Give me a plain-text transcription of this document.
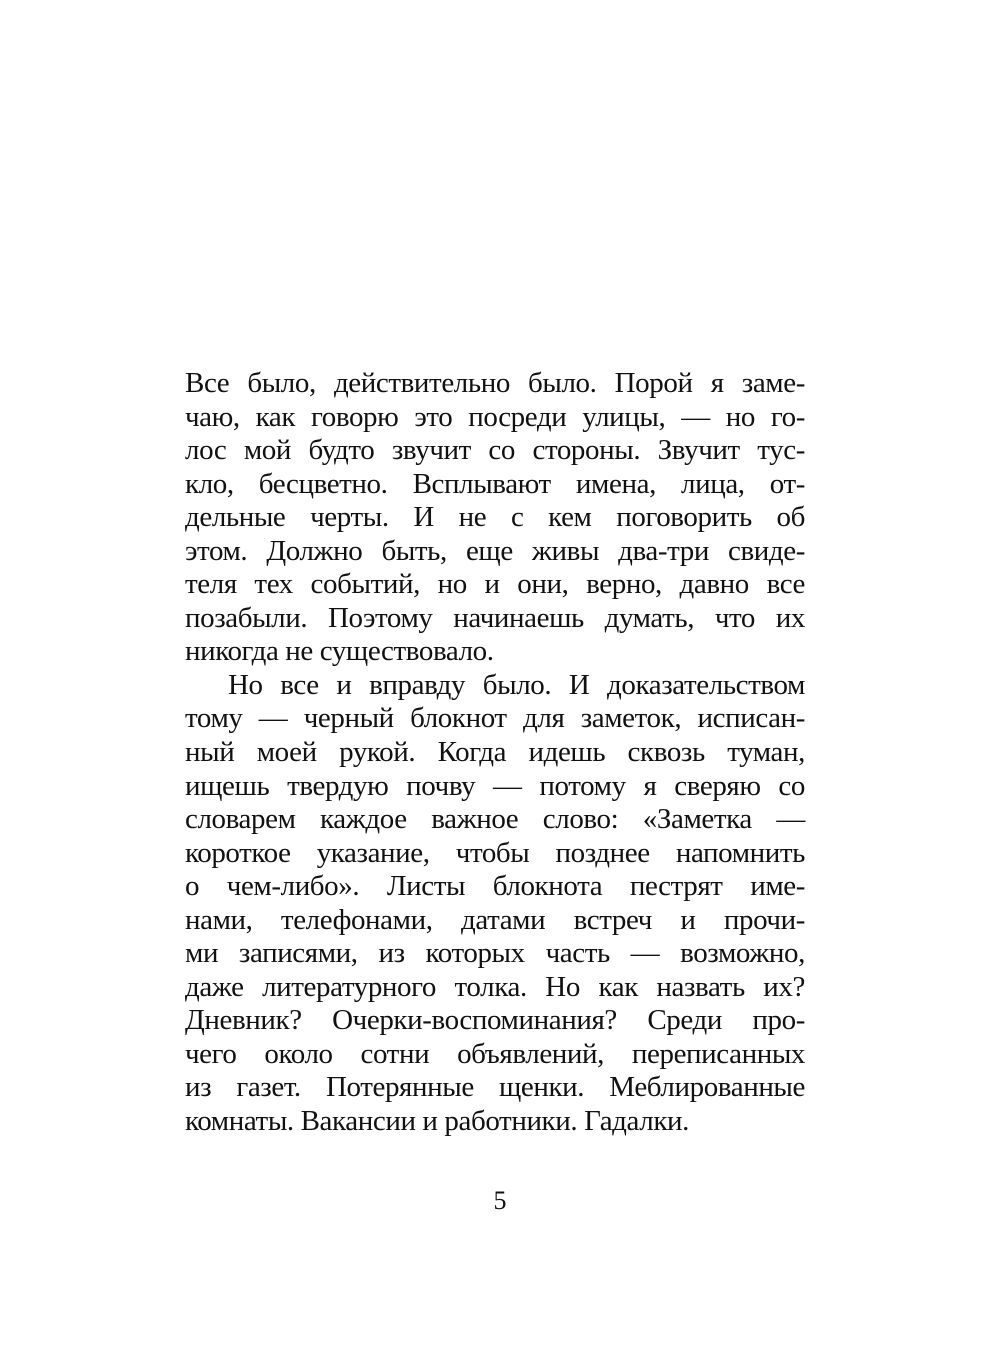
Все было, действительно было. Порой я заме-
чаю, как говорю это посреди улицы, — но го-
лос мой будто звучит со стороны. Звучит тус-
кло, бесцветно. Всплывают имена, лица, от-
дельные черты. И не с кем поговорить об
этом. Должно быть, еще живы два-три свиде-
теля тех событий, но и они, верно, давно все
позабыли. Поэтому начинаешь думать, что их
никогда не существовало.
Но все и вправду было. И доказательством
тому — черный блокнот для заметок, исписан-
ный моей рукой. Когда идешь сквозь туман,
ищешь твердую почву — потому я сверяю со
словарем каждое важное слово: «Заметка —
короткое указание, чтобы позднее напомнить
о чем-либо». Листы блокнота пестрят име-
нами, телефонами, датами встреч и прочи-
ми записями, из которых часть — возможно,
даже литературного толка. Но как назвать их?
Дневник? Очерки-воспоминания? Среди про-
чего около сотни объявлений, переписанных
из газет. Потерянные щенки. Меблированные
комнаты. Вакансии и работники. Гадалки.
5
